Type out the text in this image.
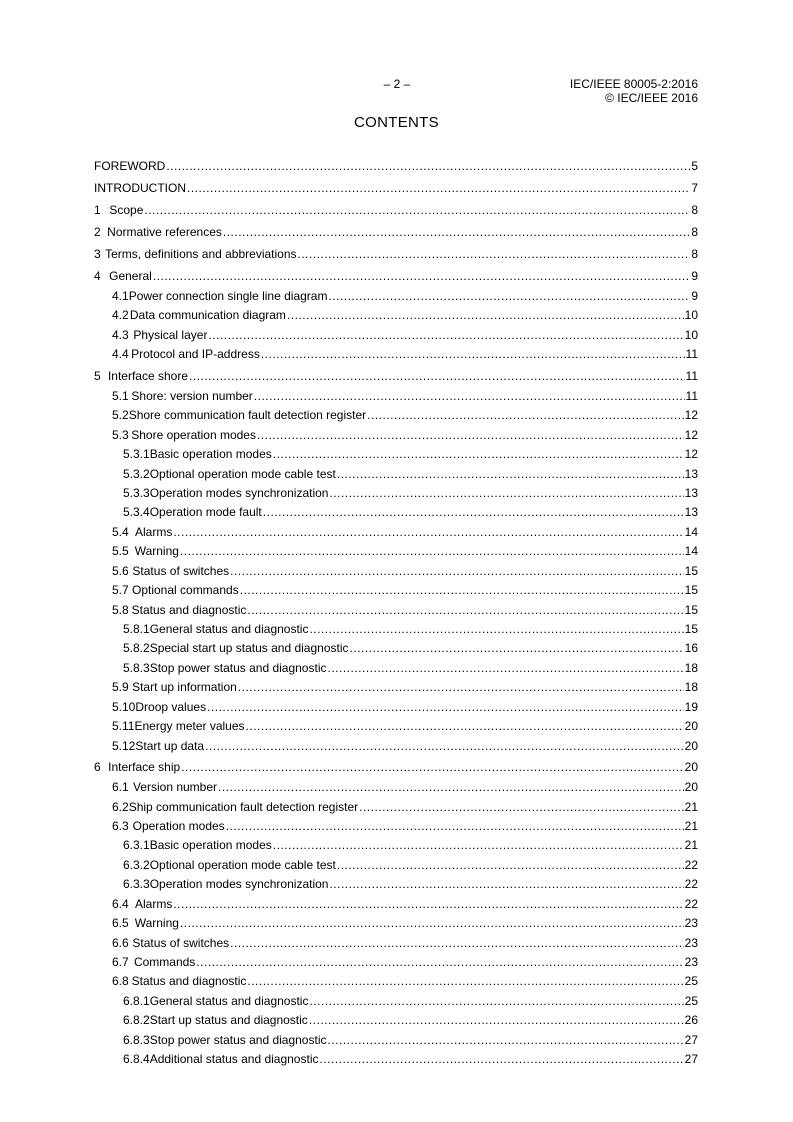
– 2 –	IEC/IEEE 80005-2:2016
© IEC/IEEE 2016
CONTENTS
FOREWORD .....	5
INTRODUCTION .....	7
1 Scope .....	8
2 Normative references .....	8
3 Terms, definitions and abbreviations .....	8
4 General .....	9
4.1 Power connection single line diagram .....	9
4.2 Data communication diagram .....	10
4.3 Physical layer .....	10
4.4 Protocol and IP-address .....	11
5 Interface shore .....	11
5.1 Shore: version number .....	11
5.2 Shore communication fault detection register .....	12
5.3 Shore operation modes .....	12
5.3.1 Basic operation modes .....	12
5.3.2 Optional operation mode cable test .....	13
5.3.3 Operation modes synchronization .....	13
5.3.4 Operation mode fault .....	13
5.4 Alarms .....	14
5.5 Warning .....	14
5.6 Status of switches .....	15
5.7 Optional commands .....	15
5.8 Status and diagnostic .....	15
5.8.1 General status and diagnostic .....	15
5.8.2 Special start up status and diagnostic .....	16
5.8.3 Stop power status and diagnostic .....	18
5.9 Start up information .....	18
5.10 Droop values .....	19
5.11 Energy meter values .....	20
5.12 Start up data .....	20
6 Interface ship .....	20
6.1 Version number .....	20
6.2 Ship communication fault detection register .....	21
6.3 Operation modes .....	21
6.3.1 Basic operation modes .....	21
6.3.2 Optional operation mode cable test .....	22
6.3.3 Operation modes synchronization .....	22
6.4 Alarms .....	22
6.5 Warning .....	23
6.6 Status of switches .....	23
6.7 Commands .....	23
6.8 Status and diagnostic .....	25
6.8.1 General status and diagnostic .....	25
6.8.2 Start up status and diagnostic .....	26
6.8.3 Stop power status and diagnostic .....	27
6.8.4 Additional status and diagnostic .....	27
